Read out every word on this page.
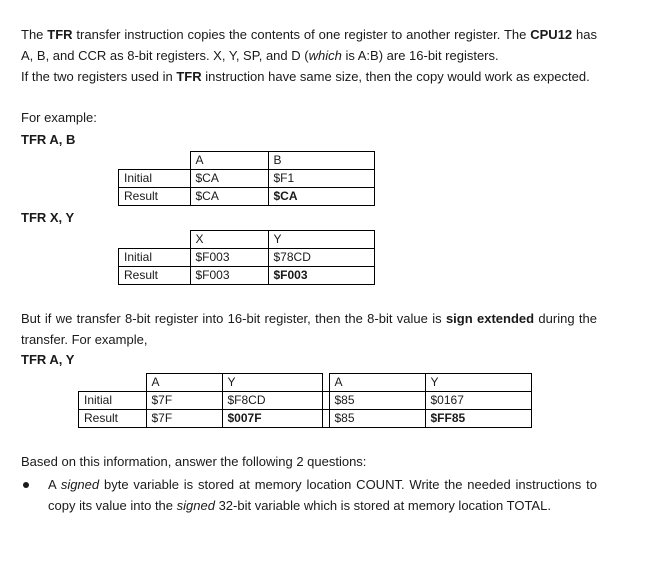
The TFR transfer instruction copies the contents of one register to another register. The CPU12 has A, B, and CCR as 8-bit registers. X, Y, SP, and D (which is A:B) are 16-bit registers.

If the two registers used in TFR instruction have same size, then the copy would work as expected.

For example:

TFR A, B

	A	B
Initial	$CA	$F1
Result	$CA	$CA

TFR X, Y

	X	Y
Initial	$F003	$78CD
Result	$F003	$F003

But if we transfer 8-bit register into 16-bit register, then the 8-bit value is sign extended during the transfer. For example,

TFR A, Y

	A	Y		A	Y
Initial	$7F	$F8CD		$85	$0167
Result	$7F	$007F		$85	$FF85

Based on this information, answer the following 2 questions:

A signed byte variable is stored at memory location COUNT. Write the needed instructions to copy its value into the signed 32-bit variable which is stored at memory location TOTAL.
